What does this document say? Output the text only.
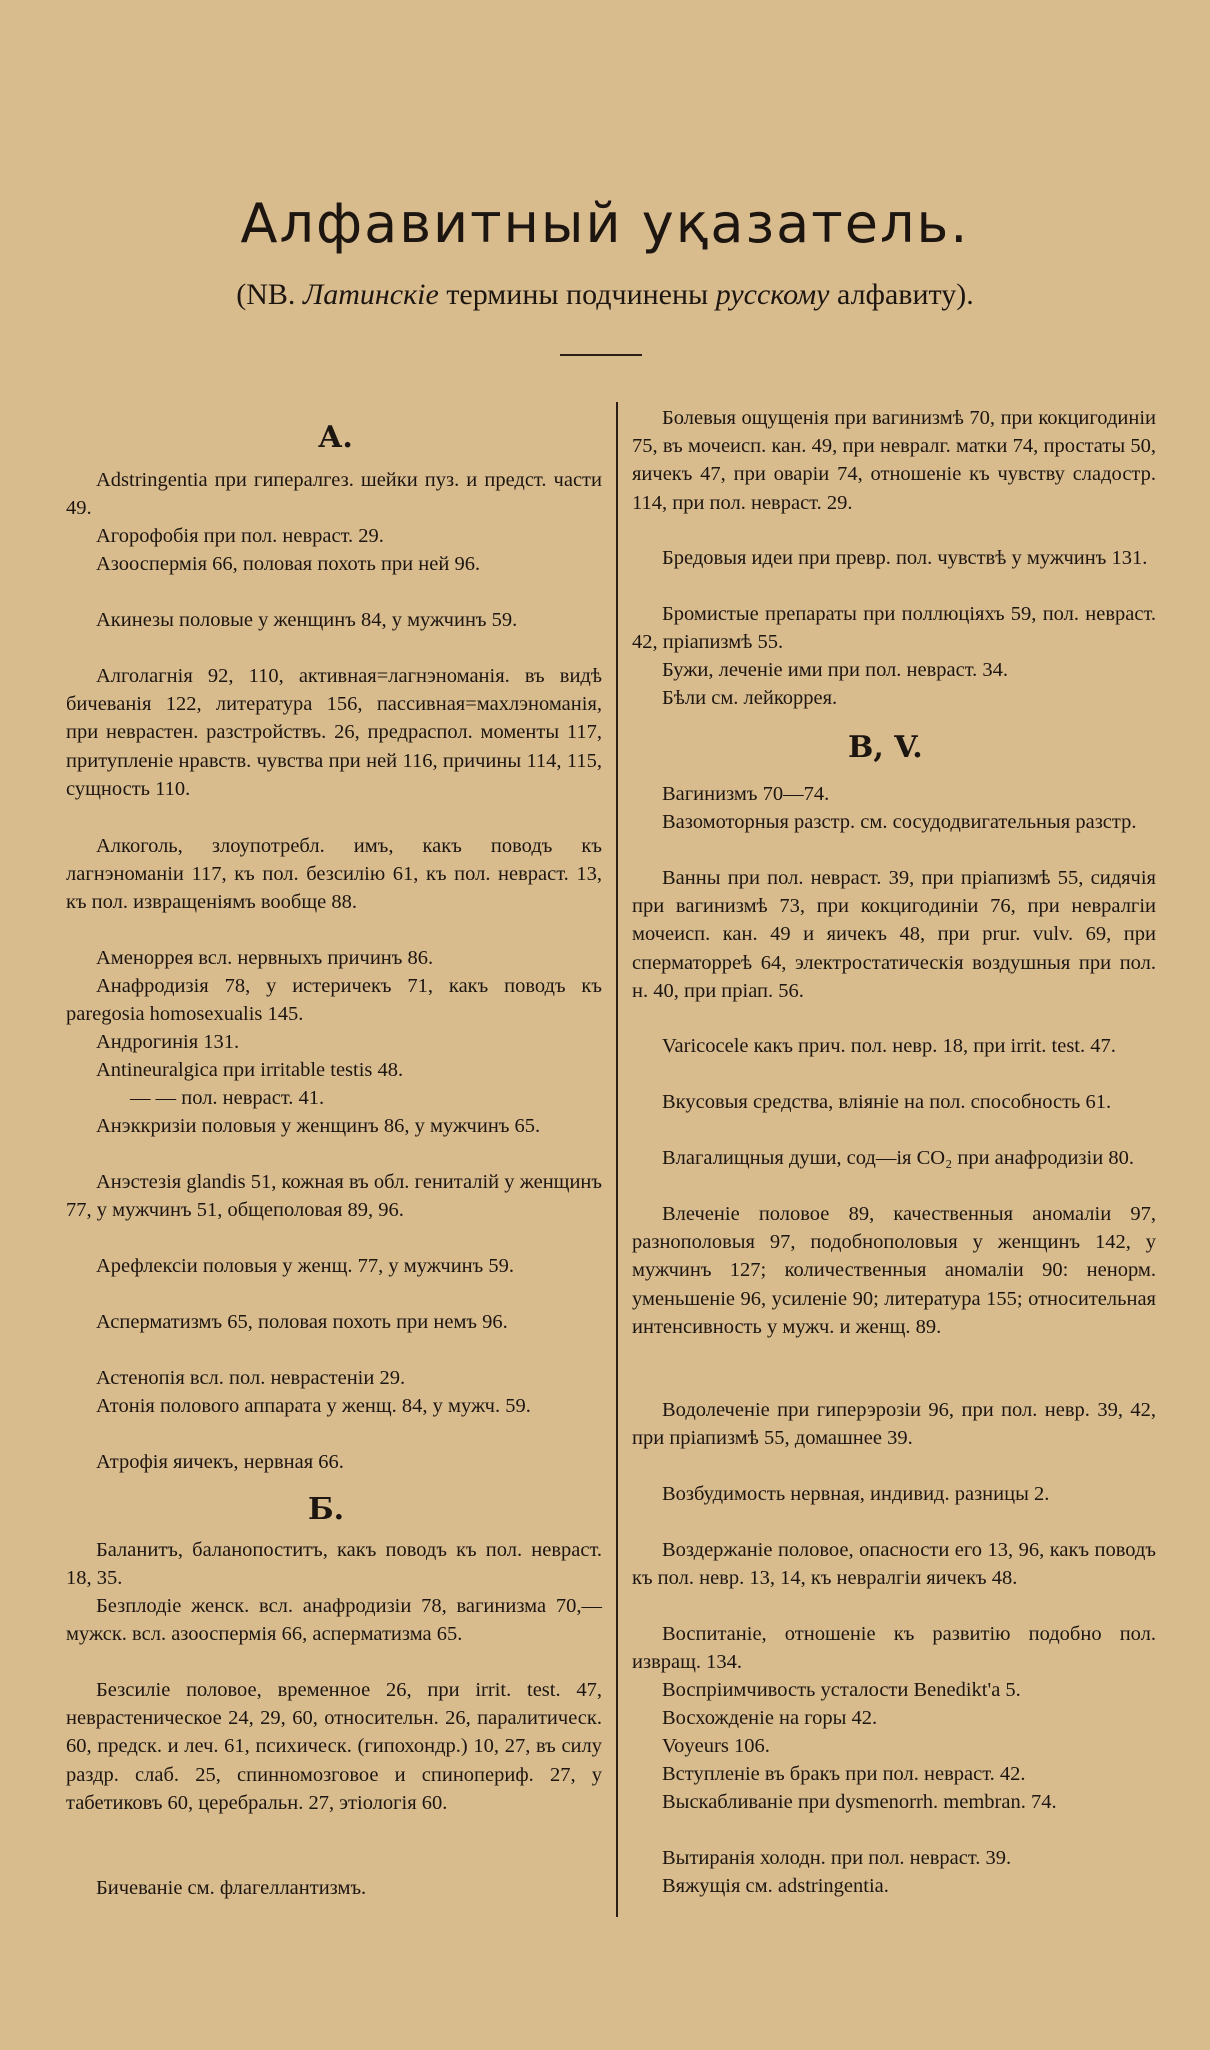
Алфавитный уқазатель.
(NB. Латинскіе термины подчинены русскому алфавиту).
А.
Adstringentia при гипералгез. шейки пуз. и предст. части 49.
Агорофобія при пол. невраст. 29.
Азооспермія 66, половая похоть при ней 96.
Акинезы половые у женщинъ 84, у мужчинъ 59.
Алголагнія 92, 110, активная=лагнэноманія. въ видѣ бичеванія 122, литература 156, пассивная=махлэноманія, при неврастен. разстройствъ. 26, предраспол. моменты 117, притупленіе нравств. чувства при ней 116, причины 114, 115, сущность 110.
Алкоголь, злоупотребл. имъ, какъ поводъ къ лагнэноманіи 117, къ пол. безсилію 61, къ пол. невраст. 13, къ пол. извращеніямъ вообще 88.
Аменоррея всл. нервныхъ причинъ 86.
Анафродизія 78, у истеричекъ 71, какъ поводъ къ paregosia homosexualis 145.
Андрогинія 131.
Antineuralgica при irritable testis 48.
— — пол. невраст. 41.
Анэккризіи половыя у женщинъ 86, у мужчинъ 65.
Анэстезія glandis 51, кожная въ обл. гениталій у женщинъ 77, у мужчинъ 51, общеполовая 89, 96.
Арефлексіи половыя у женщ. 77, у мужчинъ 59.
Асперматизмъ 65, половая похоть при немъ 96.
Астенопія всл. пол. неврастеніи 29.
Атонія полового аппарата у женщ. 84, у мужч. 59.
Атрофія яичекъ, нервная 66.
Б.
Баланитъ, баланопоститъ, какъ поводъ къ пол. неврaст. 18, 35.
Безплодіе женск. всл. анафродизіи 78, вагинизма 70,—мужск. всл. азооспермія 66, асперматизма 65.
Безсиліе половое, временное 26, при irrit. test. 47, неврастеническое 24, 29, 60, относительн. 26, паралитическ. 60, предск. и леч. 61, психическ. (гипохондр.) 10, 27, въ силу раздр. слаб. 25, спинномозговое и спинопериф. 27, у табетиковъ 60, церебральн. 27, этіологія 60.
Бичеваніе см. флагеллантизмъ.
Болевыя ощущенія при вагинизмѣ 70, при кокцигодиніи 75, въ мочеисп. кан. 49, при невралг. матки 74, простаты 50, яичекъ 47, при оваріи 74, отношеніе къ чувству сладостр. 114, при пол. неврaст. 29.
Бредовыя идеи при превр. пол. чувствѣ у мужчинъ 131.
Бромистые препараты при поллюціяхъ 59, пол. неврaст. 42, пріапизмѣ 55.
Бужи, леченіе ими при пол. неврaст. 34.
Бѣли см. лейкоррея.
В, V.
Вагинизмъ 70—74.
Вазомоторныя разстр. см. сосудодвигательныя разстр.
Ванны при пол. неврaст. 39, при пріапизмѣ 55, сидячія при вагинизмѣ 73, при кокцигодиніи 76, при невралгіи мочеисп. кан. 49 и яичекъ 48, при prur. vulv. 69, при сперматоррeѣ 64, электростатическія воздушныя при пол. н. 40, при пріап. 56.
Varicocele какъ прич. пол. невр. 18, при irrit. test. 47.
Вкусовыя средства, вліяніе на пол. способность 61.
Влагалищныя души, сод—ія CO₂ при анафродизіи 80.
Влеченіе половое 89, качественныя аномаліи 97, разнополовыя 97, подобнополовыя у женщинъ 142, у мужчинъ 127; количественныя аномаліи 90: ненорм. уменьшеніе 96, усиленіе 90; литература 155; относительная интенсивность у мужч. и женщ. 89.
Водолеченіе при гиперэрозіи 96, при пол. невр. 39, 42, при пріапизмѣ 55, домашнее 39.
Возбудимость нервная, индивид. разницы 2.
Воздержаніе половое, опасности его 13, 96, какъ поводъ къ пол. невр. 13, 14, къ невралгіи яичекъ 48.
Воспитаніе, отношеніе къ развитію подобно пол. извращ. 134.
Воспріимчивость усталости Benedikt'a 5.
Восхожденіе на горы 42.
Voyeurs 106.
Вступленіе въ бракъ при пол. неврaст. 42.
Выскабливаніе при dysmenorrh. membran. 74.
Вытиранія холодн. при пол. неврaст. 39.
Вяжущія см. adstringentia.
